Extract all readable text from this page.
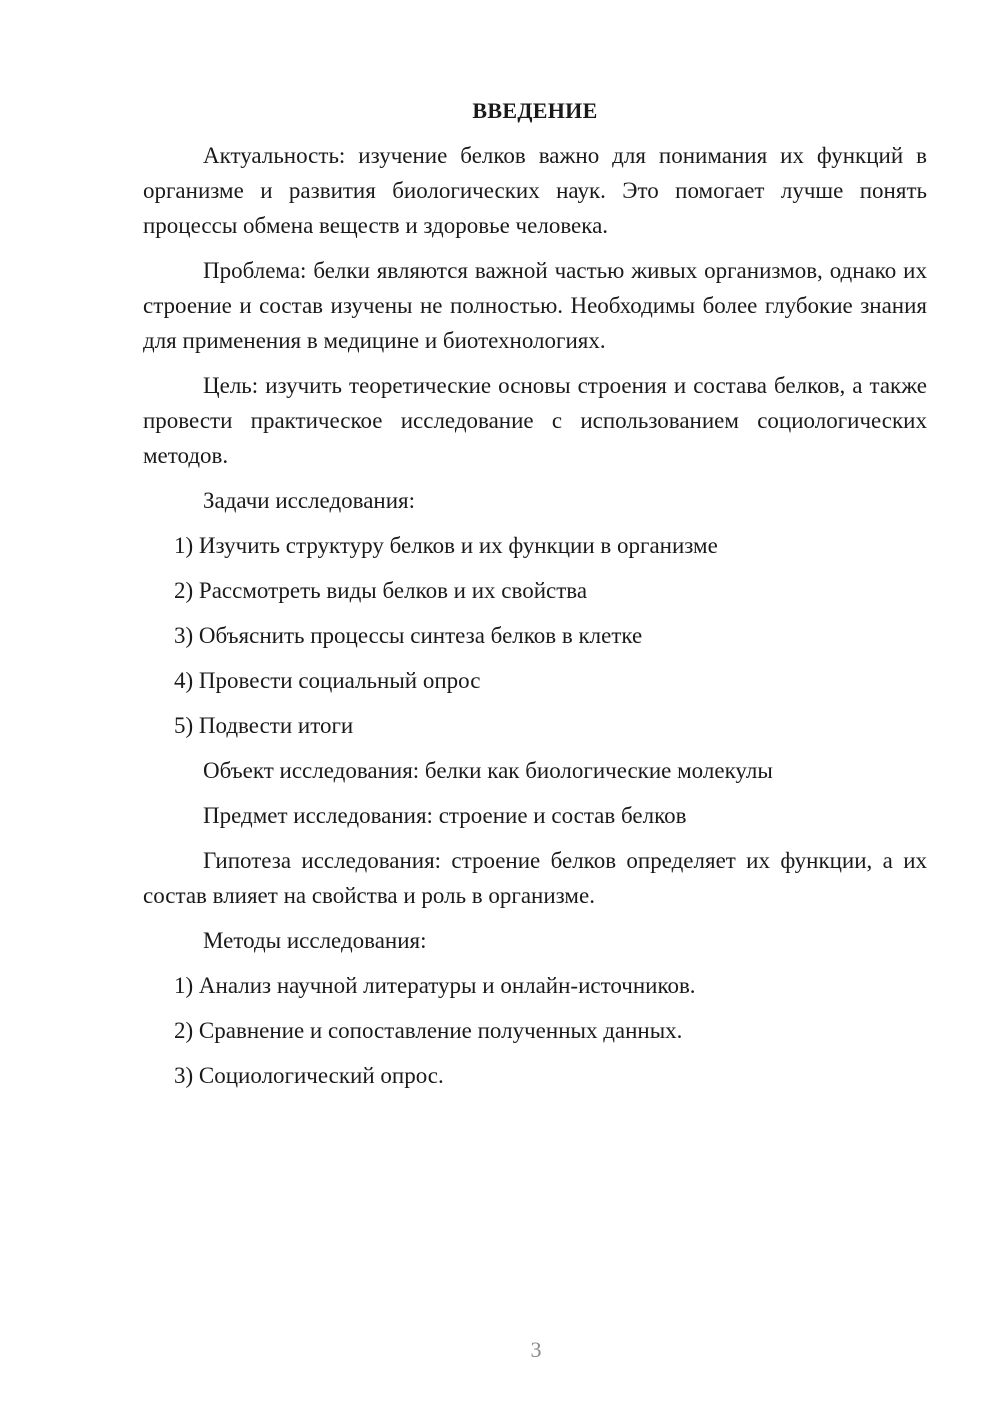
ВВЕДЕНИЕ
Актуальность: изучение белков важно для понимания их функций в организме и развития биологических наук. Это помогает лучше понять процессы обмена веществ и здоровье человека.
Проблема: белки являются важной частью живых организмов, однако их строение и состав изучены не полностью. Необходимы более глубокие знания для применения в медицине и биотехнологиях.
Цель: изучить теоретические основы строения и состава белков, а также провести практическое исследование с использованием социологических методов.
Задачи исследования:
1) Изучить структуру белков и их функции в организме
2) Рассмотреть виды белков и их свойства
3) Объяснить процессы синтеза белков в клетке
4) Провести социальный опрос
5) Подвести итоги
Объект исследования: белки как биологические молекулы
Предмет исследования: строение и состав белков
Гипотеза исследования: строение белков определяет их функции, а их состав влияет на свойства и роль в организме.
Методы исследования:
1) Анализ научной литературы и онлайн-источников.
2) Сравнение и сопоставление полученных данных.
3) Социологический опрос.
3
